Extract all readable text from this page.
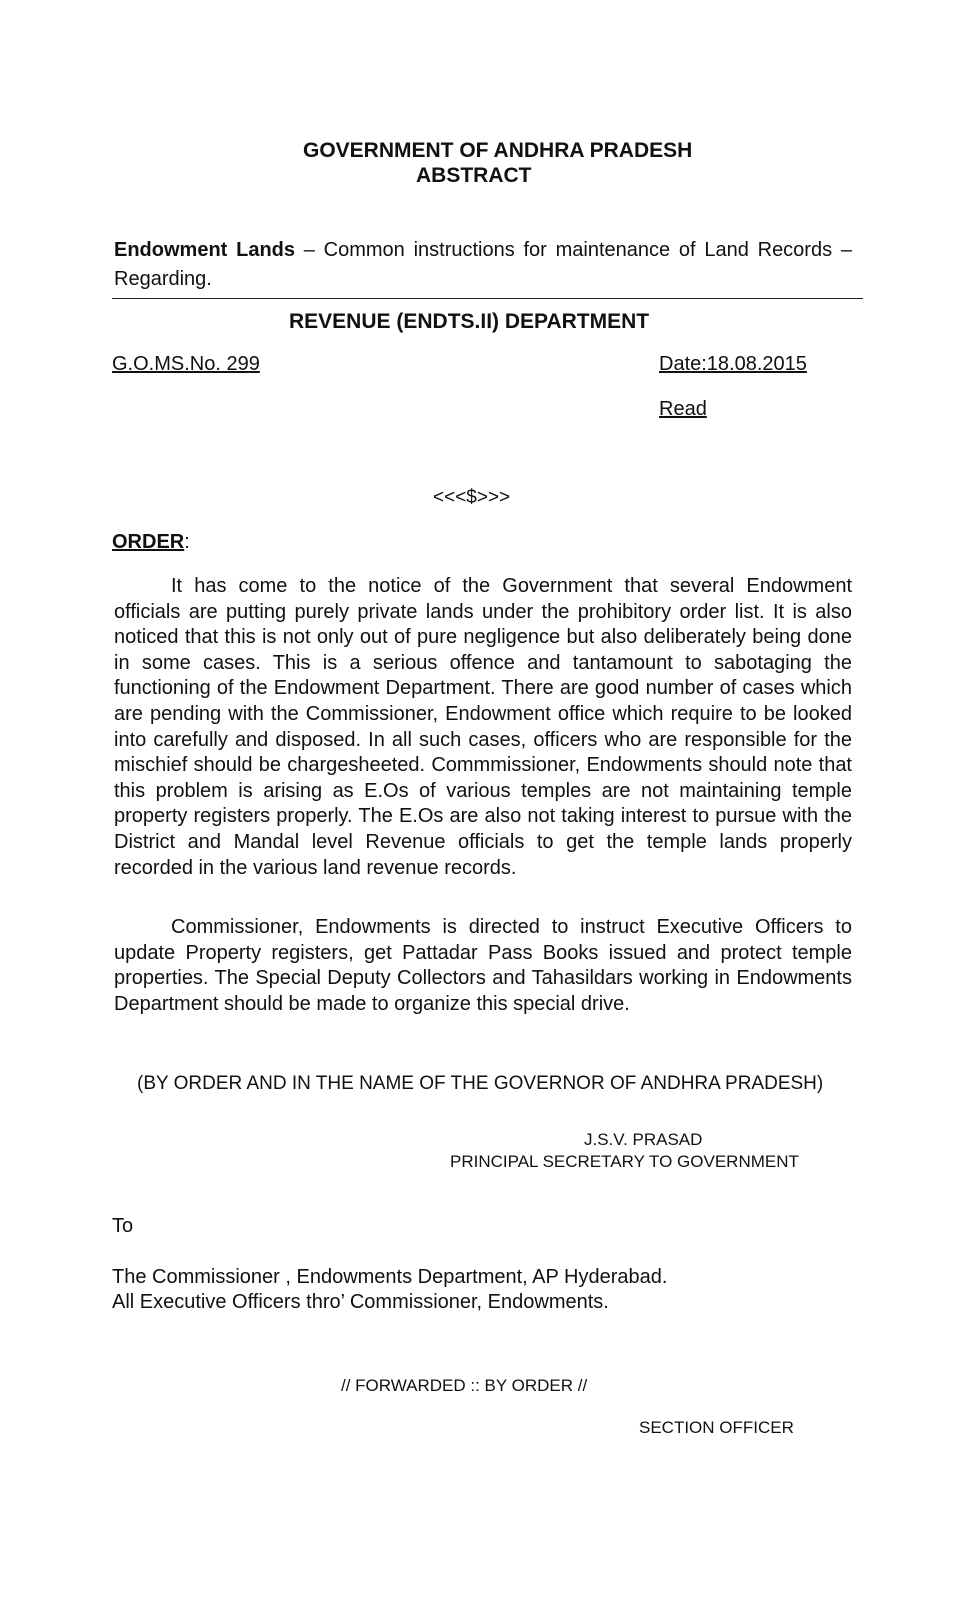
GOVERNMENT OF ANDHRA PRADESH
ABSTRACT
Endowment Lands – Common instructions for maintenance of Land Records – Regarding.
REVENUE (ENDTS.II) DEPARTMENT
G.O.MS.No. 299	Date:18.08.2015
Read
<<<$>>>
ORDER:
It has come to the notice of the Government that several Endowment officials are putting purely private lands under the prohibitory order list. It is also noticed that this is not only out of pure negligence but also deliberately being done in some cases. This is a serious offence and tantamount to sabotaging the functioning of the Endowment Department. There are good number of cases which are pending with the Commissioner, Endowment office which require to be looked into carefully and disposed. In all such cases, officers who are responsible for the mischief should be chargesheeted. Commmissioner, Endowments should note that this problem is arising as E.Os of various temples are not maintaining temple property registers properly. The E.Os are also not taking interest to pursue with the District and Mandal level Revenue officials to get the temple lands properly recorded in the various land revenue records.
Commissioner, Endowments is directed to instruct Executive Officers to update Property registers, get Pattadar Pass Books issued and protect temple properties. The Special Deputy Collectors and Tahasildars working in Endowments Department should be made to organize this special drive.
(BY ORDER AND IN THE NAME OF THE GOVERNOR OF ANDHRA PRADESH)
J.S.V. PRASAD
PRINCIPAL SECRETARY TO GOVERNMENT
To
The Commissioner , Endowments Department, AP Hyderabad.
All Executive Officers thro’ Commissioner, Endowments.
// FORWARDED :: BY ORDER //
SECTION OFFICER
